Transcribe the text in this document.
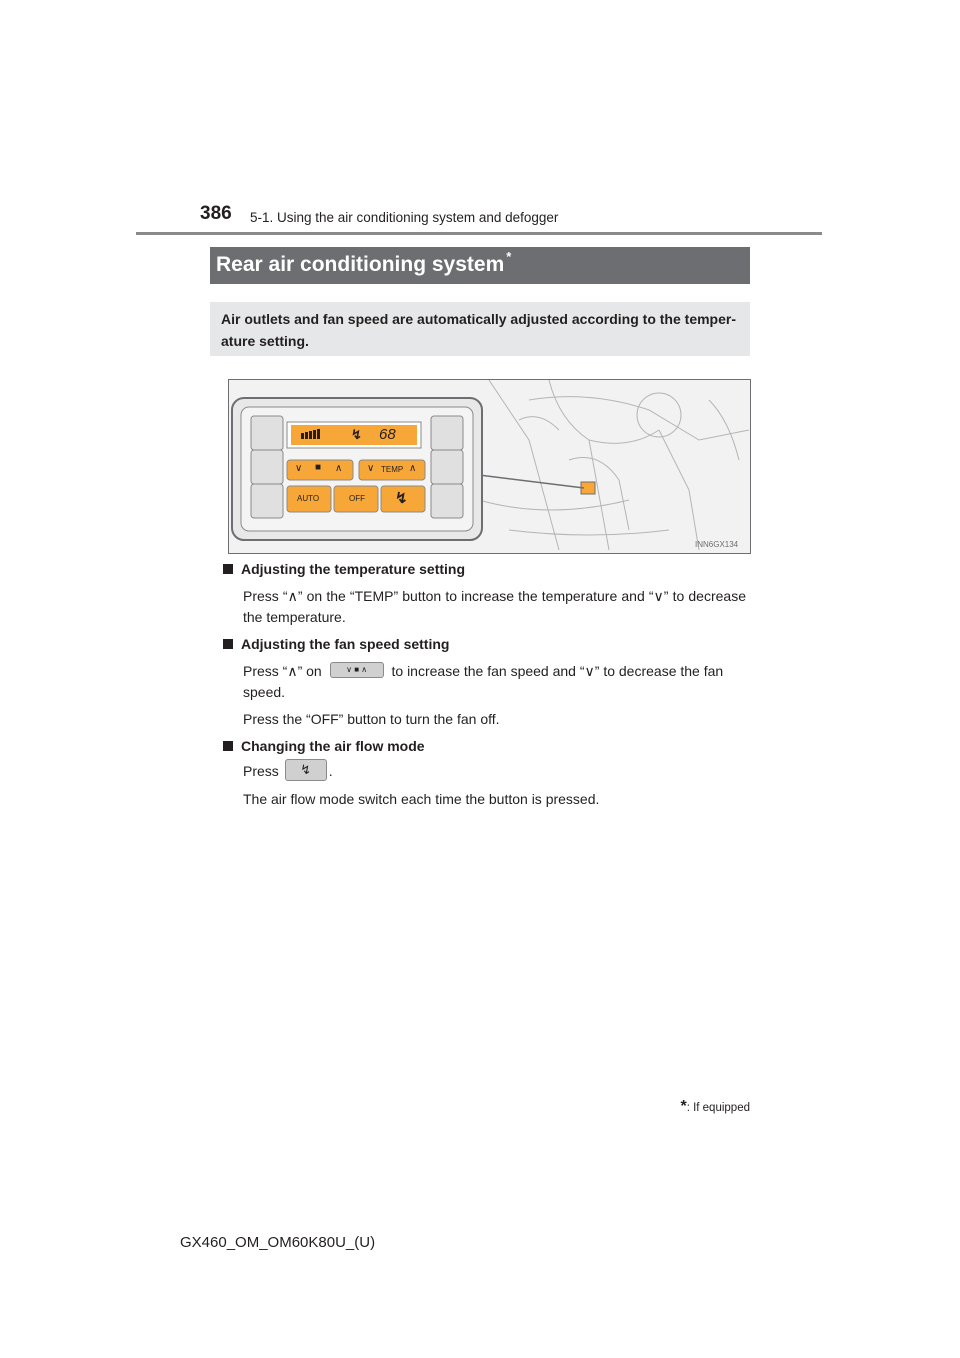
386 5-1. Using the air conditioning system and defogger
Rear air conditioning system *
Air outlets and fan speed are automatically adjusted according to the temper-ature setting.
↯ 68
∨ ■ ∧ ∨ TEMP ∧
AUTO	OFF ↯
INN6GX134
Adjusting the temperature setting
Press “∧” on the “TEMP” button to increase the temperature and “∨” to decrease the temperature.
Adjusting the fan speed setting
Press “∧” on	∨ ■ ∧ to increase the fan speed and “∨” to decrease the fan speed.
Press the “OFF” button to turn the fan off.
Changing the air flow mode
Press ↯ .
The air flow mode switch each time the button is pressed.
*: If equipped
GX460_OM_OM60K80U_(U)
